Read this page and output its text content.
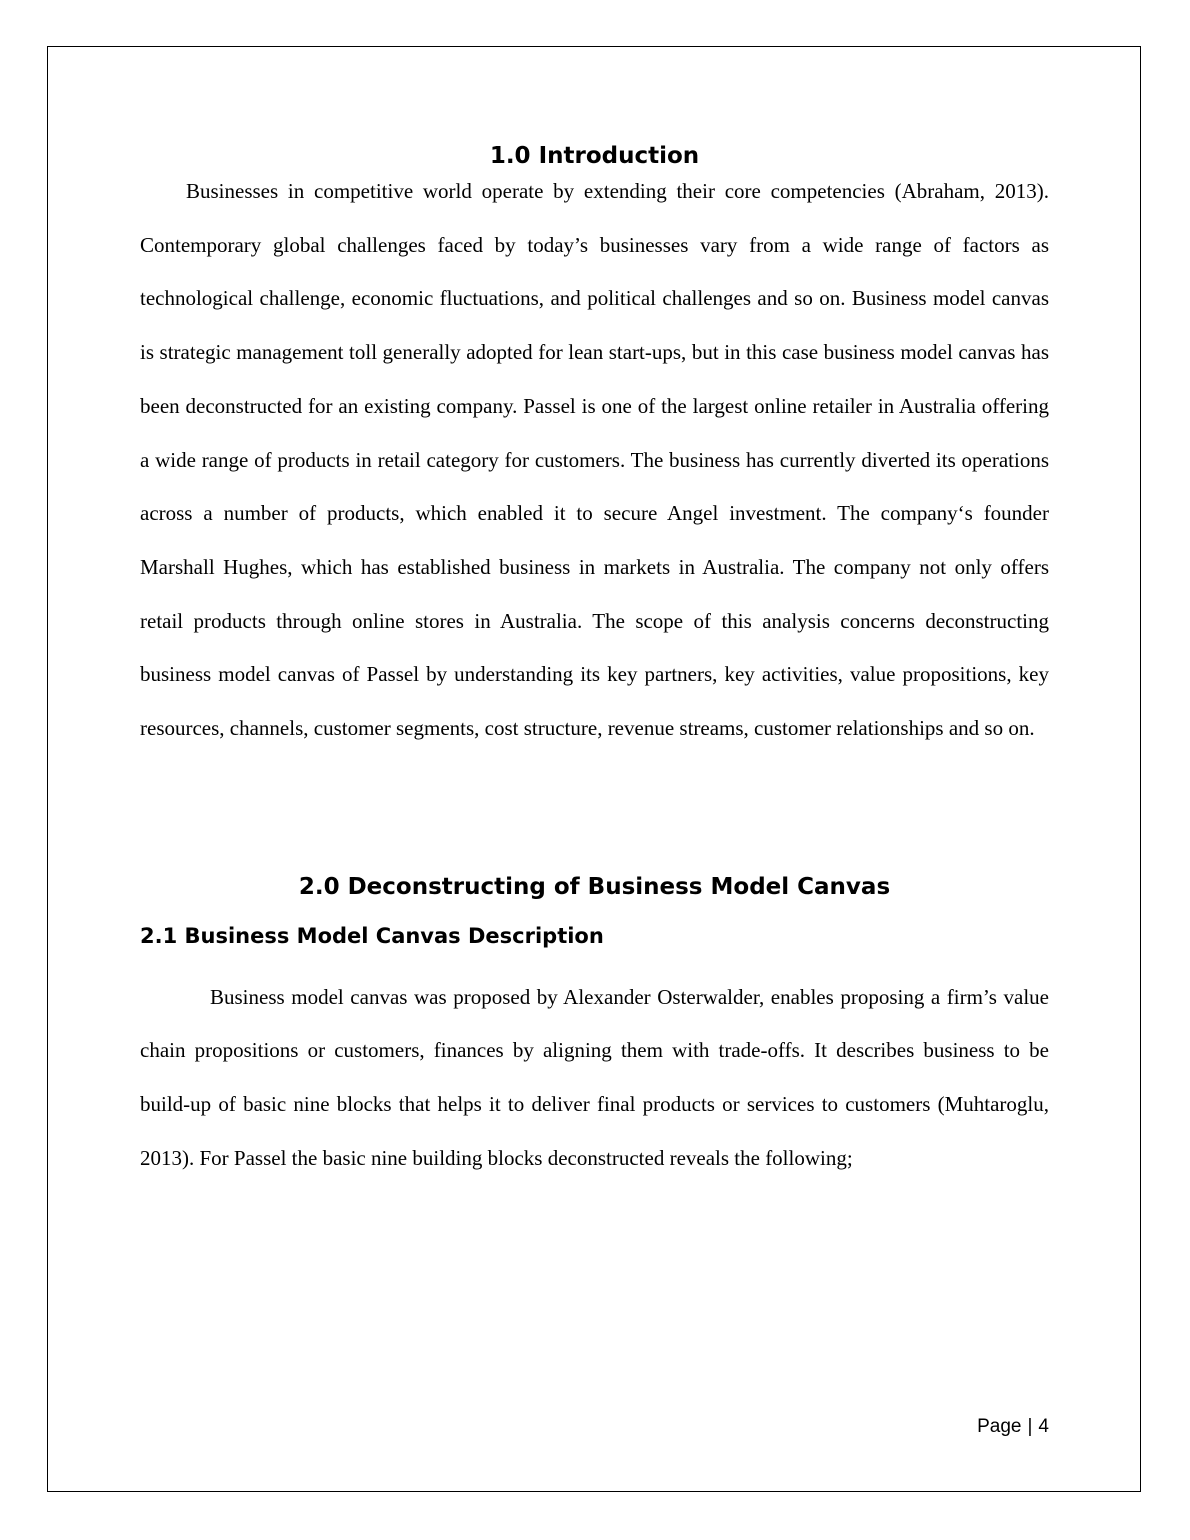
1.0 Introduction

Businesses in competitive world operate by extending their core competencies (Abraham, 2013). Contemporary global challenges faced by today’s businesses vary from a wide range of factors as technological challenge, economic fluctuations, and political challenges and so on. Business model canvas is strategic management toll generally adopted for lean start-ups, but in this case business model canvas has been deconstructed for an existing company. Passel is one of the largest online retailer in Australia offering a wide range of products in retail category for customers. The business has currently diverted its operations across a number of products, which enabled it to secure Angel investment. The company‘s founder Marshall Hughes, which has established business in markets in Australia. The company not only offers retail products through online stores in Australia. The scope of this analysis concerns deconstructing business model canvas of Passel by understanding its key partners, key activities, value propositions, key resources, channels, customer segments, cost structure, revenue streams, customer relationships and so on.

2.0 Deconstructing of Business Model Canvas
2.1 Business Model Canvas Description

Business model canvas was proposed by Alexander Osterwalder, enables proposing a firm’s value chain propositions or customers, finances by aligning them with trade-offs. It describes business to be build-up of basic nine blocks that helps it to deliver final products or services to customers (Muhtaroglu, 2013). For Passel the basic nine building blocks deconstructed reveals the following;

Page | 4
